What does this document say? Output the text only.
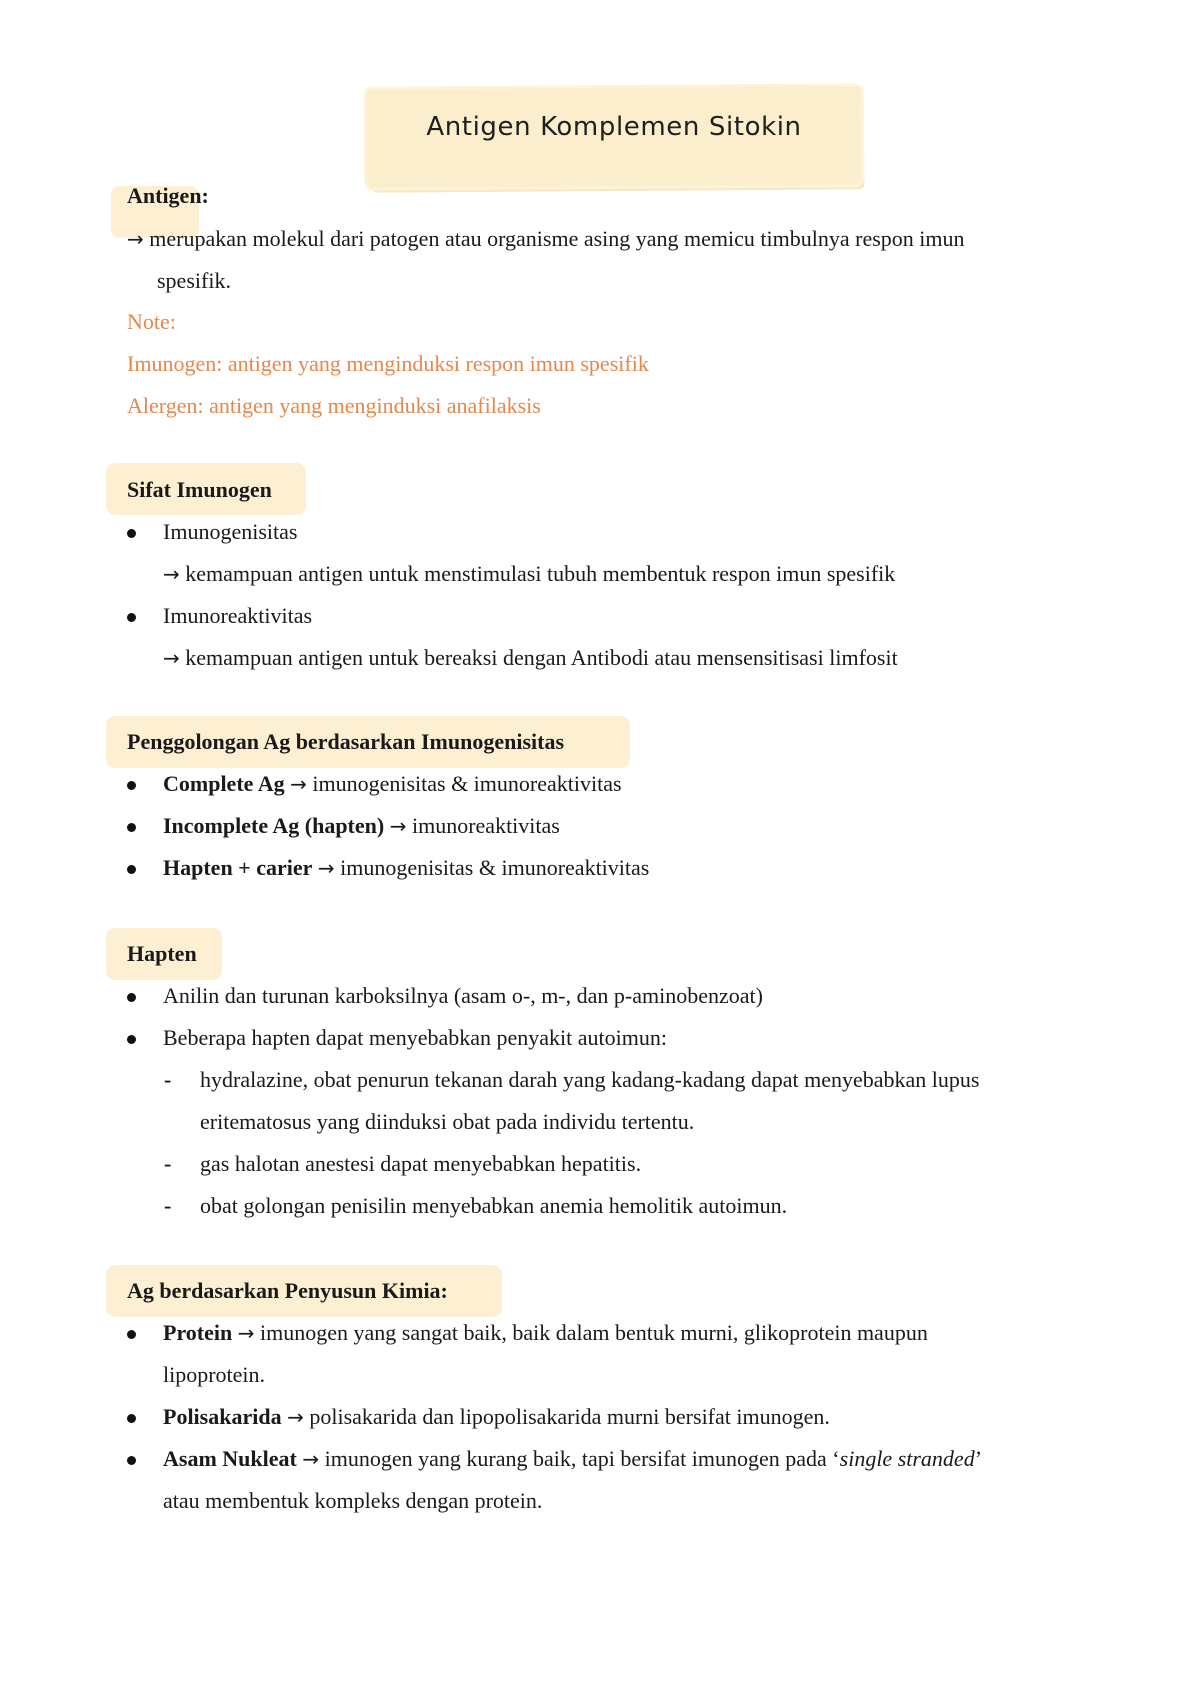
Antigen Komplemen Sitokin
Antigen:
→ merupakan molekul dari patogen atau organisme asing yang memicu timbulnya respon imun
spesifik.
Note:
Imunogen: antigen yang menginduksi respon imun spesifik
Alergen: antigen yang menginduksi anafilaksis
Sifat Imunogen
Imunogenisitas
→ kemampuan antigen untuk menstimulasi tubuh membentuk respon imun spesifik
Imunoreaktivitas
→ kemampuan antigen untuk bereaksi dengan Antibodi atau mensensitisasi limfosit
Penggolongan Ag berdasarkan Imunogenisitas
Complete Ag → imunogenisitas & imunoreaktivitas
Incomplete Ag (hapten) → imunoreaktivitas
Hapten + carier → imunogenisitas & imunoreaktivitas
Hapten
Anilin dan turunan karboksilnya (asam o-, m-, dan p-aminobenzoat)
Beberapa hapten dapat menyebabkan penyakit autoimun:
- hydralazine, obat penurun tekanan darah yang kadang-kadang dapat menyebabkan lupus
eritematosus yang diinduksi obat pada individu tertentu.
- gas halotan anestesi dapat menyebabkan hepatitis.
- obat golongan penisilin menyebabkan anemia hemolitik autoimun.
Ag berdasarkan Penyusun Kimia:
Protein → imunogen yang sangat baik, baik dalam bentuk murni, glikoprotein maupun
lipoprotein.
Polisakarida → polisakarida dan lipopolisakarida murni bersifat imunogen.
Asam Nukleat → imunogen yang kurang baik, tapi bersifat imunogen pada ‘single stranded’
atau membentuk kompleks dengan protein.
